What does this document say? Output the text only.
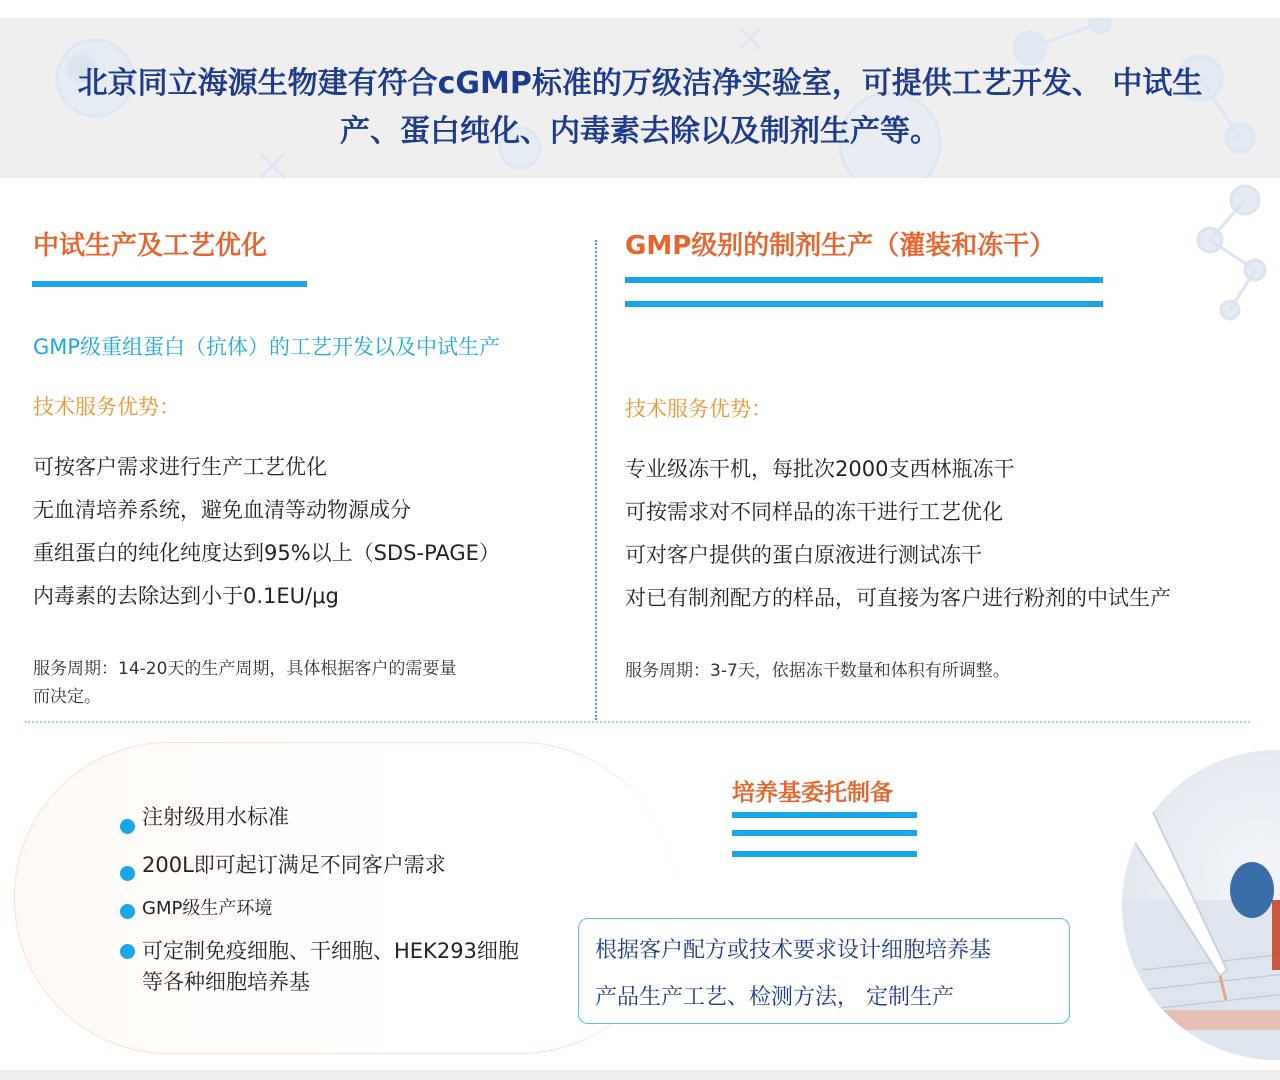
北京同立海源生物建有符合cGMP标准的万级洁净实验室，可提供工艺开发、 中试生
产、蛋白纯化、内毒素去除以及制剂生产等。
中试生产及工艺优化
GMP级重组蛋白（抗体）的工艺开发以及中试生产
技术服务优势：
可按客户需求进行生产工艺优化
无血清培养系统，避免血清等动物源成分
重组蛋白的纯化纯度达到95%以上（SDS-PAGE）
内毒素的去除达到小于0.1EU/μg
服务周期：14-20天的生产周期，具体根据客户的需要量
而决定。
GMP级别的制剂生产（灌装和冻干）
技术服务优势：
专业级冻干机，每批次2000支西林瓶冻干
可按需求对不同样品的冻干进行工艺优化
可对客户提供的蛋白原液进行测试冻干
对已有制剂配方的样品，可直接为客户进行粉剂的中试生产
服务周期：3-7天，依据冻干数量和体积有所调整。
注射级用水标准
200L即可起订满足不同客户需求
GMP级生产环境
可定制免疫细胞、干细胞、HEK293细胞等各种细胞培养基
培养基委托制备

根据客户配方或技术要求设计细胞培养基

产品生产工艺、检测方法， 定制生产
